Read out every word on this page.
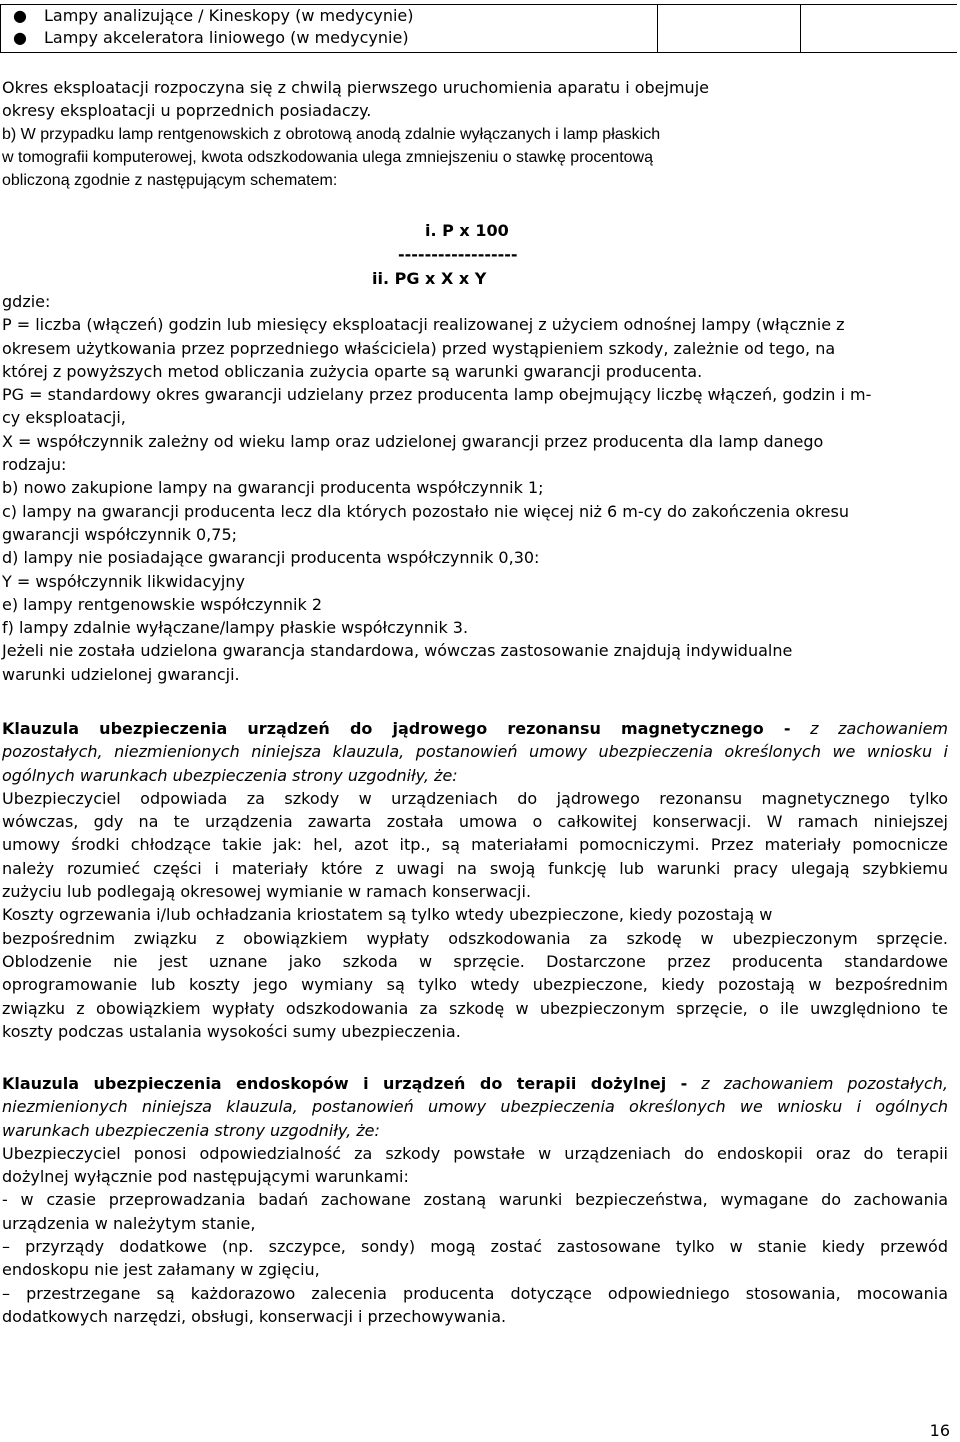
● Lampy analizujące / Kineskopy (w medycynie)
● Lampy akceleratora liniowego (w medycynie)

Okres eksploatacji rozpoczyna się z chwilą pierwszego uruchomienia aparatu i obejmuje
okresy eksploatacji u poprzednich posiadaczy.
b) W przypadku lamp rentgenowskich z obrotową anodą zdalnie wyłączanych i lamp płaskich
w tomografii komputerowej, kwota odszkodowania ulega zmniejszeniu o stawkę procentową
obliczoną zgodnie z następującym schematem:
i. P x 100
------------------
ii. PG x X x Y
gdzie:
P = liczba (włączeń) godzin lub miesięcy eksploatacji realizowanej z użyciem odnośnej lampy (włącznie z
okresem użytkowania przez poprzedniego właściciela) przed wystąpieniem szkody, zależnie od tego, na
której z powyższych metod obliczania zużycia oparte są warunki gwarancji producenta.
PG = standardowy okres gwarancji udzielany przez producenta lamp obejmujący liczbę włączeń, godzin i m-
cy eksploatacji,
X = współczynnik zależny od wieku lamp oraz udzielonej gwarancji przez producenta dla lamp danego
rodzaju:
b) nowo zakupione lampy na gwarancji producenta współczynnik 1;
c) lampy na gwarancji producenta lecz dla których pozostało nie więcej niż 6 m-cy do zakończenia okresu
gwarancji współczynnik 0,75;
d) lampy nie posiadające gwarancji producenta współczynnik 0,30:
Y = współczynnik likwidacyjny
e) lampy rentgenowskie współczynnik 2
f) lampy zdalnie wyłączane/lampy płaskie współczynnik 3.
Jeżeli nie została udzielona gwarancja standardowa, wówczas zastosowanie znajdują indywidualne
warunki udzielonej gwarancji.
Klauzula ubezpieczenia urządzeń do jądrowego rezonansu magnetycznego - z zachowaniem
pozostałych, niezmienionych niniejsza klauzula, postanowień umowy ubezpieczenia określonych we wniosku i
ogólnych warunkach ubezpieczenia strony uzgodniły, że:
Ubezpieczyciel odpowiada za szkody w urządzeniach do jądrowego rezonansu magnetycznego tylko
wówczas, gdy na te urządzenia zawarta została umowa o całkowitej konserwacji. W ramach niniejszej
umowy środki chłodzące takie jak: hel, azot itp., są materiałami pomocniczymi. Przez materiały pomocnicze
należy rozumieć części i materiały które z uwagi na swoją funkcję lub warunki pracy ulegają szybkiemu
zużyciu lub podlegają okresowej wymianie w ramach konserwacji.
Koszty ogrzewania i/lub ochładzania kriostatem są tylko wtedy ubezpieczone, kiedy pozostają w
bezpośrednim związku z obowiązkiem wypłaty odszkodowania za szkodę w ubezpieczonym sprzęcie.
Oblodzenie nie jest uznane jako szkoda w sprzęcie. Dostarczone przez producenta standardowe
oprogramowanie lub koszty jego wymiany są tylko wtedy ubezpieczone, kiedy pozostają w bezpośrednim
związku z obowiązkiem wypłaty odszkodowania za szkodę w ubezpieczonym sprzęcie, o ile uwzględniono te
koszty podczas ustalania wysokości sumy ubezpieczenia.
Klauzula ubezpieczenia endoskopów i urządzeń do terapii dożylnej - z zachowaniem pozostałych,
niezmienionych niniejsza klauzula, postanowień umowy ubezpieczenia określonych we wniosku i ogólnych
warunkach ubezpieczenia strony uzgodniły, że:
Ubezpieczyciel ponosi odpowiedzialność za szkody powstałe w urządzeniach do endoskopii oraz do terapii
dożylnej wyłącznie pod następującymi warunkami:
- w czasie przeprowadzania badań zachowane zostaną warunki bezpieczeństwa, wymagane do zachowania
urządzenia w należytym stanie,
– przyrządy dodatkowe (np. szczypce, sondy) mogą zostać zastosowane tylko w stanie kiedy przewód
endoskopu nie jest załamany w zgięciu,
– przestrzegane są każdorazowo zalecenia producenta dotyczące odpowiedniego stosowania, mocowania
dodatkowych narzędzi, obsługi, konserwacji i przechowywania.
16
